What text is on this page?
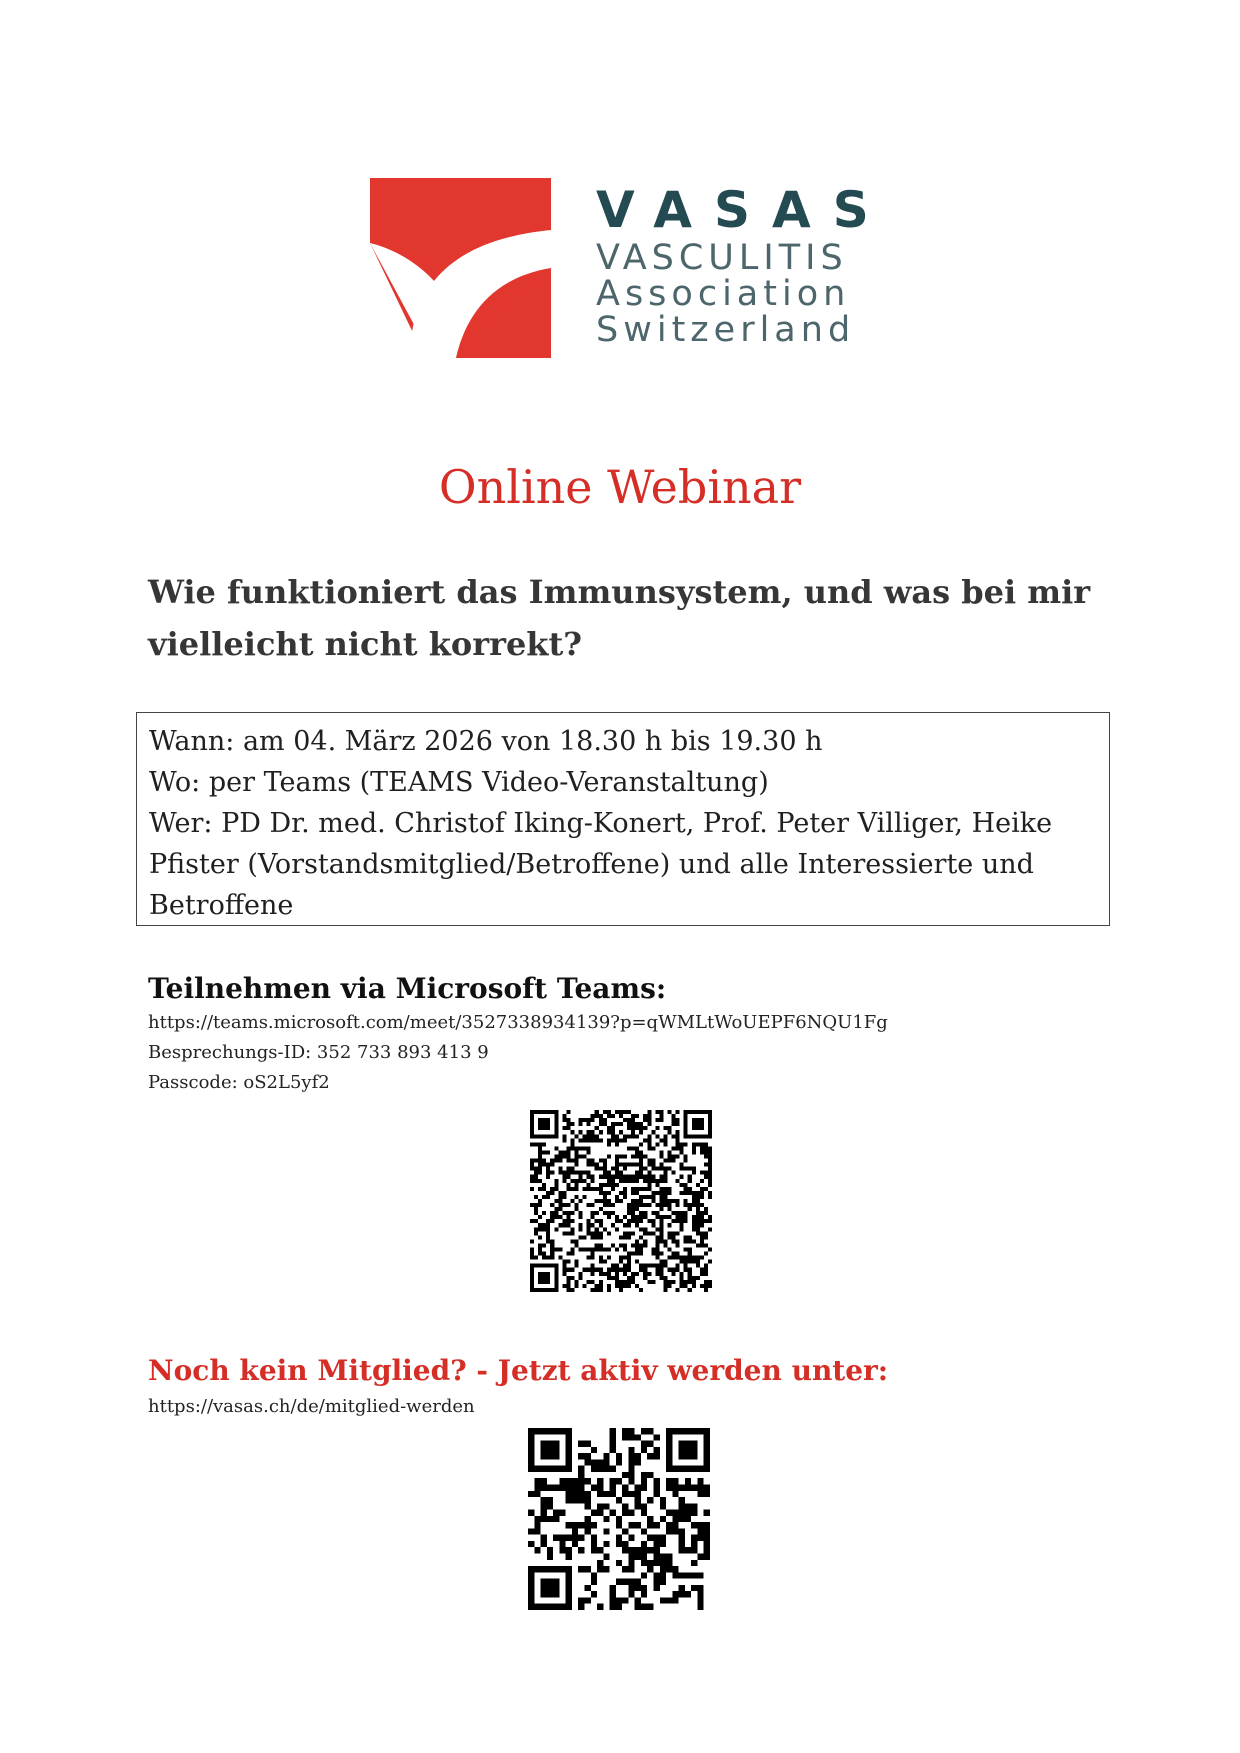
VASAS
VASCULITIS
Association
Switzerland
Online Webinar
Wie funktioniert das Immunsystem, und was bei mir vielleicht nicht korrekt?
Wann: am 04. März 2026 von 18.30 h bis 19.30 h
Wo: per Teams (TEAMS Video-Veranstaltung)
Wer: PD Dr. med. Christof Iking-Konert, Prof. Peter Villiger, Heike Pfister (Vorstandsmitglied/Betroffene) und alle Interessierte und Betroffene
Teilnehmen via Microsoft Teams:
https://teams.microsoft.com/meet/3527338934139?p=qWMLtWoUEPF6NQU1Fg
Besprechungs-ID: 352 733 893 413 9
Passcode: oS2L5yf2
Noch kein Mitglied? - Jetzt aktiv werden unter:
https://vasas.ch/de/mitglied-werden
